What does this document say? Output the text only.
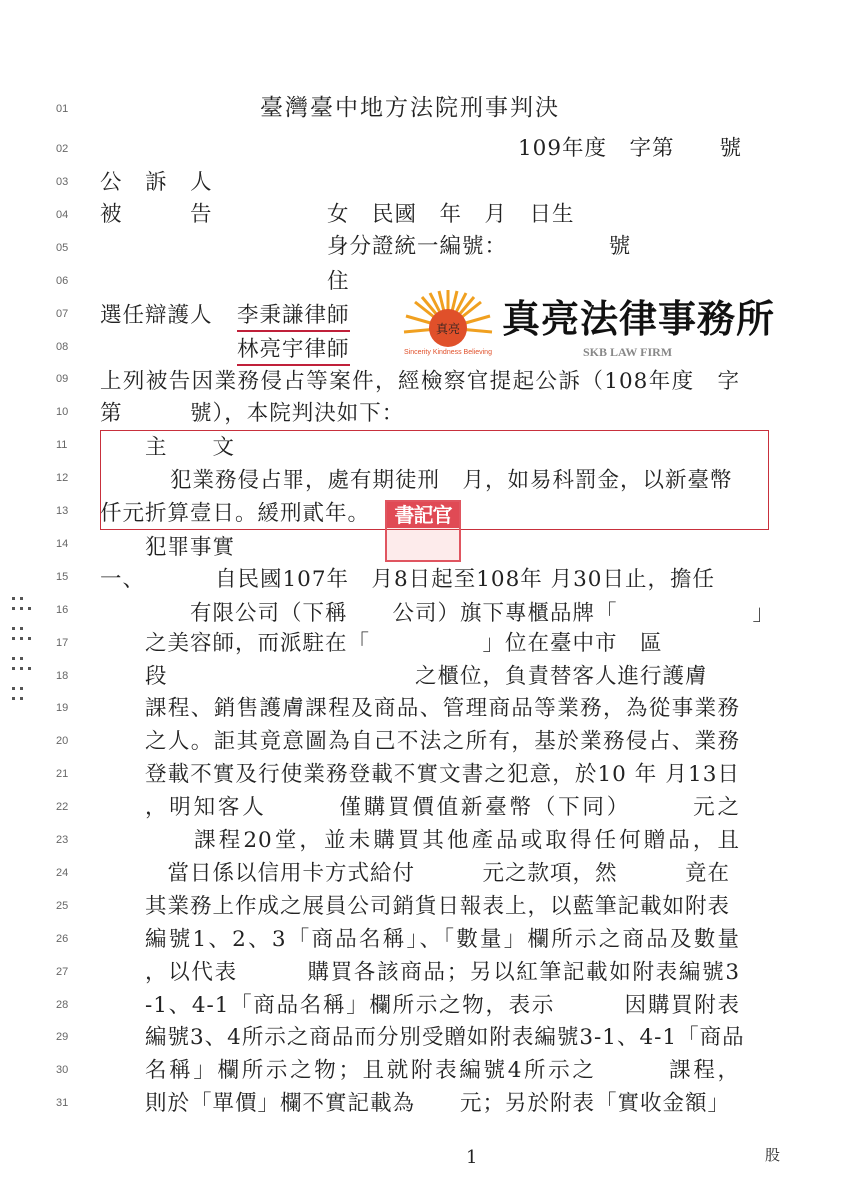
01
02
03
04
05
06
07
08
09
10
11
12
13
14
15
16
17
18
19
20
21
22
23
24
25
26
27
28
29
30
31
臺灣臺中地方法院刑事判決
109年度　字第　　號
公　訴　人
被　　　告	女　民國　年　月　日生
身分證統一編號：　　　　　號
住
選任辯護人 李秉謙律師
林亮宇律師
真亮
Sincerity Kindness Believing
真亮法律事務所
SKB LAW FIRM
上列被告因業務侵占等案件，經檢察官提起公訴（108年度　字
第　　　號），本院判決如下：
主　　文
犯業務侵占罪，處有期徒刑　月，如易科罰金，以新臺幣
仟元折算壹日。緩刑貳年。	書記官
犯罪事實
一、	自民國107年　月8日起至108年 月30日止，擔任
有限公司（下稱　　公司）旗下專櫃品牌「　　　　　　」
之美容師，而派駐在「　　　　　」位在臺中市　區
段　　　　　　　　　　　之櫃位，負責替客人進行護膚
課程、銷售護膚課程及商品、管理商品等業務，為從事業務
之人。詎其竟意圖為自己不法之所有，基於業務侵占、業務
登載不實及行使業務登載不實文書之犯意，於10 年 月13日
，明知客人　　　僅購買價值新臺幣（下同）　　　元之
　　課程20堂，並未購買其他產品或取得任何贈品，且
　當日係以信用卡方式給付　　　元之款項，然　　　竟在
其業務上作成之展員公司銷貨日報表上，以藍筆記載如附表
編號1、2、3「商品名稱」、「數量」欄所示之商品及數量
，以代表　　　購買各該商品；另以紅筆記載如附表編號3
-1、4-1「商品名稱」欄所示之物，表示　　　因購買附表
編號3、4所示之商品而分別受贈如附表編號3-1、4-1「商品
名稱」欄所示之物；且就附表編號4所示之　　　課程，
則於「單價」欄不實記載為　　元；另於附表「實收金額」
1	股
